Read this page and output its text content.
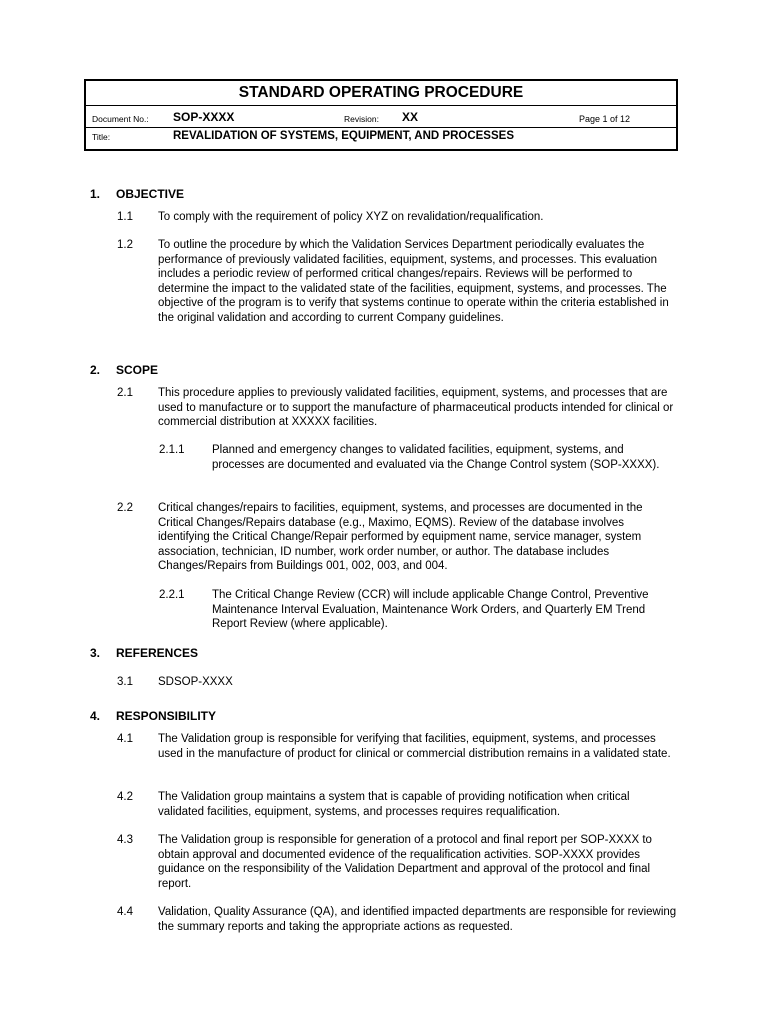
STANDARD OPERATING PROCEDURE
Document No.: SOP-XXXX	Revision: XX	Page 1 of 12
Title:	REVALIDATION OF SYSTEMS, EQUIPMENT, AND PROCESSES
1. OBJECTIVE
1.1 To comply with the requirement of policy XYZ on revalidation/requalification.
1.2 To outline the procedure by which the Validation Services Department periodically evaluates the performance of previously validated facilities, equipment, systems, and processes. This evaluation includes a periodic review of performed critical changes/repairs. Reviews will be performed to determine the impact to the validated state of the facilities, equipment, systems, and processes. The objective of the program is to verify that systems continue to operate within the criteria established in the original validation and according to current Company guidelines.
2. SCOPE
2.1 This procedure applies to previously validated facilities, equipment, systems, and processes that are used to manufacture or to support the manufacture of pharmaceutical products intended for clinical or commercial distribution at XXXXX facilities.
2.1.1 Planned and emergency changes to validated facilities, equipment, systems, and processes are documented and evaluated via the Change Control system (SOP-XXXX).
2.2 Critical changes/repairs to facilities, equipment, systems, and processes are documented in the Critical Changes/Repairs database (e.g., Maximo, EQMS). Review of the database involves identifying the Critical Change/Repair performed by equipment name, service manager, system association, technician, ID number, work order number, or author. The database includes Changes/Repairs from Buildings 001, 002, 003, and 004.
2.2.1 The Critical Change Review (CCR) will include applicable Change Control, Preventive Maintenance Interval Evaluation, Maintenance Work Orders, and Quarterly EM Trend Report Review (where applicable).
3. REFERENCES
3.1 SDSOP-XXXX
4. RESPONSIBILITY
4.1 The Validation group is responsible for verifying that facilities, equipment, systems, and processes used in the manufacture of product for clinical or commercial distribution remains in a validated state.
4.2 The Validation group maintains a system that is capable of providing notification when critical validated facilities, equipment, systems, and processes requires requalification.
4.3 The Validation group is responsible for generation of a protocol and final report per SOP-XXXX to obtain approval and documented evidence of the requalification activities. SOP-XXXX provides guidance on the responsibility of the Validation Department and approval of the protocol and final report.
4.4 Validation, Quality Assurance (QA), and identified impacted departments are responsible for reviewing the summary reports and taking the appropriate actions as requested.
